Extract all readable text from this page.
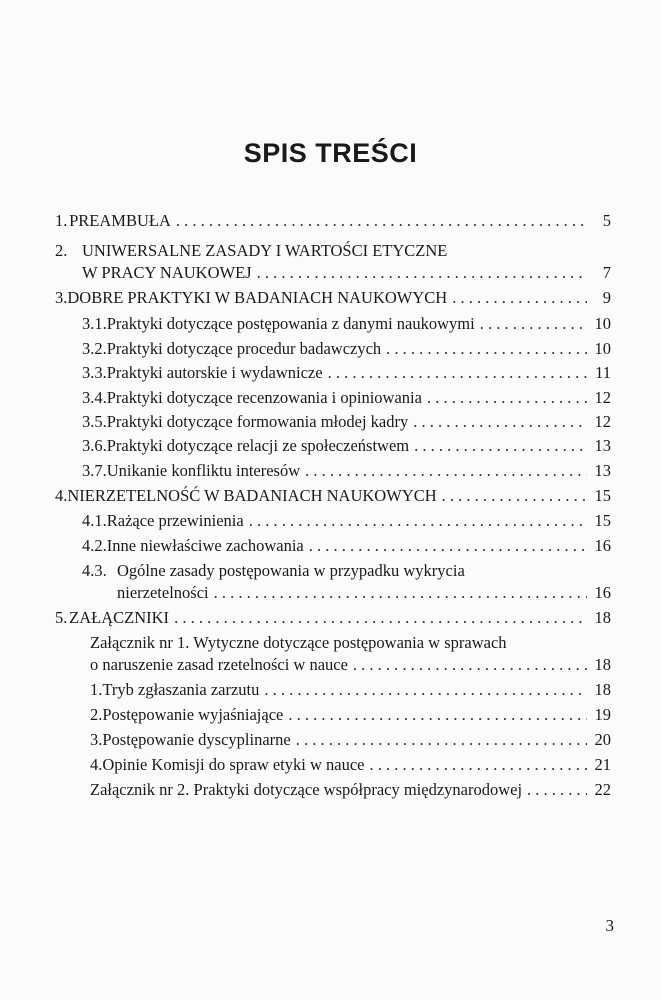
SPIS TREŚCI
1. PREAMBUŁA . . .	5
2. UNIWERSALNE ZASADY I WARTOŚCI ETYCZNE
W PRACY NAUKOWEJ . . .	7
3. DOBRE PRAKTYKI W BADANIACH NAUKOWYCH . . .	9
3.1. Praktyki dotyczące postępowania z danymi naukowymi . . .	10
3.2. Praktyki dotyczące procedur badawczych . . .	10
3.3. Praktyki autorskie i wydawnicze . . .	11
3.4. Praktyki dotyczące recenzowania i opiniowania . . .	12
3.5. Praktyki dotyczące formowania młodej kadry . . .	12
3.6. Praktyki dotyczące relacji ze społeczeństwem . . .	13
3.7. Unikanie konfliktu interesów . . .	13
4. NIERZETELNOŚĆ W BADANIACH NAUKOWYCH . . .	15
4.1. Rażące przewinienia . . .	15
4.2. Inne niewłaściwe zachowania . . .	16
4.3. Ogólne zasady postępowania w przypadku wykrycia
nierzetelności . . .	16
5. ZAŁĄCZNIKI . . .	18
Załącznik nr 1. Wytyczne dotyczące postępowania w sprawach
o naruszenie zasad rzetelności w nauce . . .	18
1. Tryb zgłaszania zarzutu . . .	18
2. Postępowanie wyjaśniające . . .	19
3. Postępowanie dyscyplinarne . . .	20
4. Opinie Komisji do spraw etyki w nauce . . .	21
Załącznik nr 2. Praktyki dotyczące współpracy międzynarodowej . . .	22
3
